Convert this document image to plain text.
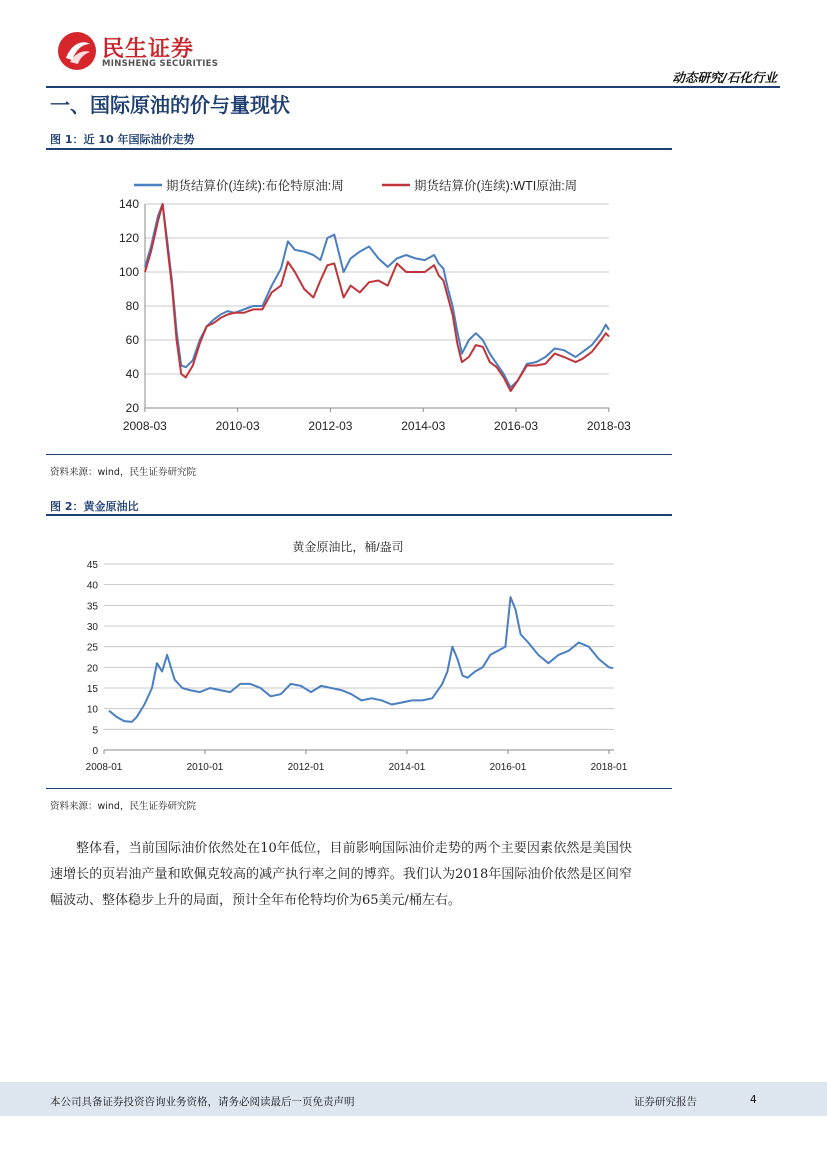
民生证券
MINSHENG SECURITIES
动态研究/石化行业
一、国际原油的价与量现状
图 1：近 10 年国际油价走势
20
40
60
80
100
120
140
2008-03	2010-03	2012-03	2014-03	2016-03	2018-03
期货结算价(连续):布伦特原油:周	期货结算价(连续):WTI原油:周
资料来源：wind，民生证券研究院
图 2：黄金原油比
黄金原油比，桶/盎司
0
5
10
15
20
25
30
35
40
45
2008-01	2010-01	2012-01	2014-01	2016-01	2018-01
资料来源：wind，民生证券研究院

整体看，当前国际油价依然处在10年低位，目前影响国际油价走势的两个主要因素依然是美国快速增长的页岩油产量和欧佩克较高的减产执行率之间的博弈。我们认为2018年国际油价依然是区间窄幅波动、整体稳步上升的局面，预计全年布伦特均价为65美元/桶左右。

本公司具备证券投资咨询业务资格，请务必阅读最后一页免责声明	证券研究报告	4
